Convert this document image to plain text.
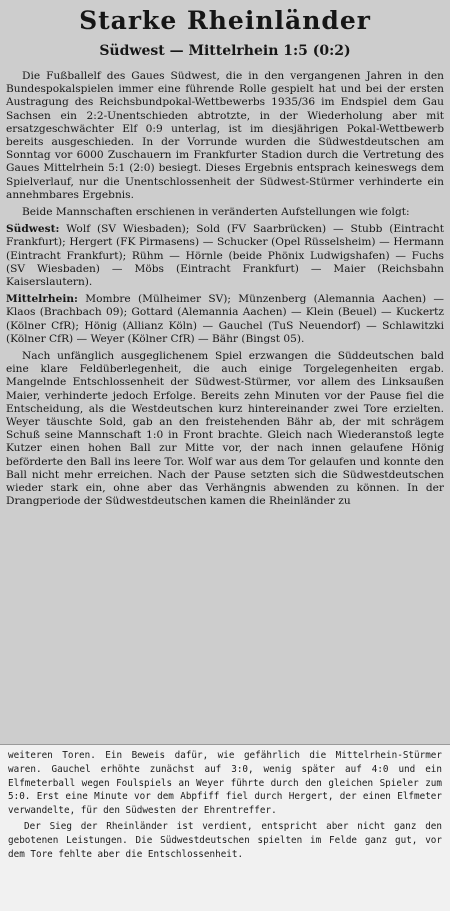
Starke Rheinländer
Südwest — Mittelrhein 1:5 (0:2)

Die Fußballelf des Gaues Südwest, die in den vergangenen Jahren in den Bundespokalspielen immer eine führende Rolle gespielt hat und bei der ersten Austragung des Reichsbundpokal-Wettbewerbs 1935/36 im Endspiel dem Gau Sachsen ein 2:2-Unentschieden abtrotzte, in der Wiederholung aber mit ersatzgeschwächter Elf 0:9 unterlag, ist im diesjährigen Pokal-Wettbewerb bereits ausgeschieden. In der Vorrunde wurden die Südwestdeutschen am Sonntag vor 6000 Zuschauern im Frankfurter Stadion durch die Vertretung des Gaues Mittelrhein 5:1 (2:0) besiegt. Dieses Ergebnis entsprach keineswegs dem Spielverlauf, nur die Unentschlossenheit der Südwest-Stürmer verhinderte ein annehmbares Ergebnis.

Beide Mannschaften erschienen in veränderten Aufstellungen wie folgt:

Südwest: Wolf (SV Wiesbaden); Sold (FV Saarbrücken) — Stubb (Eintracht Frankfurt); Hergert (FK Pirmasens) — Schucker (Opel Rüsselsheim) — Hermann (Eintracht Frankfurt); Rühm — Hörnle (beide Phönix Ludwigshafen) — Fuchs (SV Wiesbaden) — Möbs (Eintracht Frankfurt) — Maier (Reichsbahn Kaiserslautern).

Mittelrhein: Mombre (Mülheimer SV); Münzenberg (Alemannia Aachen) — Klaos (Brachbach 09); Gottard (Alemannia Aachen) — Klein (Beuel) — Kuckertz (Kölner CfR); Hönig (Allianz Köln) — Gauchel (TuS Neuendorf) — Schlawitzki (Kölner CfR) — Weyer (Kölner CfR) — Bähr (Bingst 05).

Nach unfänglich ausgeglichenem Spiel erzwangen die Süddeutschen bald eine klare Feldüberlegenheit, die auch einige Torgelegenheiten ergab. Mangelnde Entschlossenheit der Südwest-Stürmer, vor allem des Linksaußen Maier, verhinderte jedoch Erfolge. Bereits zehn Minuten vor der Pause fiel die Entscheidung, als die Westdeutschen kurz hintereinander zwei Tore erzielten. Weyer täuschte Sold, gab an den freistehenden Bähr ab, der mit schrägem Schuß seine Mannschaft 1:0 in Front brachte. Gleich nach Wiederanstoß legte Kutzer einen hohen Ball zur Mitte vor, der nach innen gelaufene Hönig beförderte den Ball ins leere Tor. Wolf war aus dem Tor gelaufen und konnte den Ball nicht mehr erreichen. Nach der Pause setzten sich die Südwestdeutschen wieder stark ein, ohne aber das Verhängnis abwenden zu können. In der Drangperiode der Südwestdeutschen kamen die Rheinländer zu

weiteren Toren. Ein Beweis dafür, wie gefährlich die Mittelrhein-Stürmer waren. Gauchel erhöhte zunächst auf 3:0, wenig später auf 4:0 und ein Elfmeterball wegen Foulspiels an Weyer führte durch den gleichen Spieler zum 5:0. Erst eine Minute vor dem Abpfiff fiel durch Hergert, der einen Elfmeter verwandelte, für den Südwesten der Ehrentreffer.

Der Sieg der Rheinländer ist verdient, entspricht aber nicht ganz den gebotenen Leistungen. Die Südwestdeutschen spielten im Felde ganz gut, vor dem Tore fehlte aber die Entschlossenheit.
